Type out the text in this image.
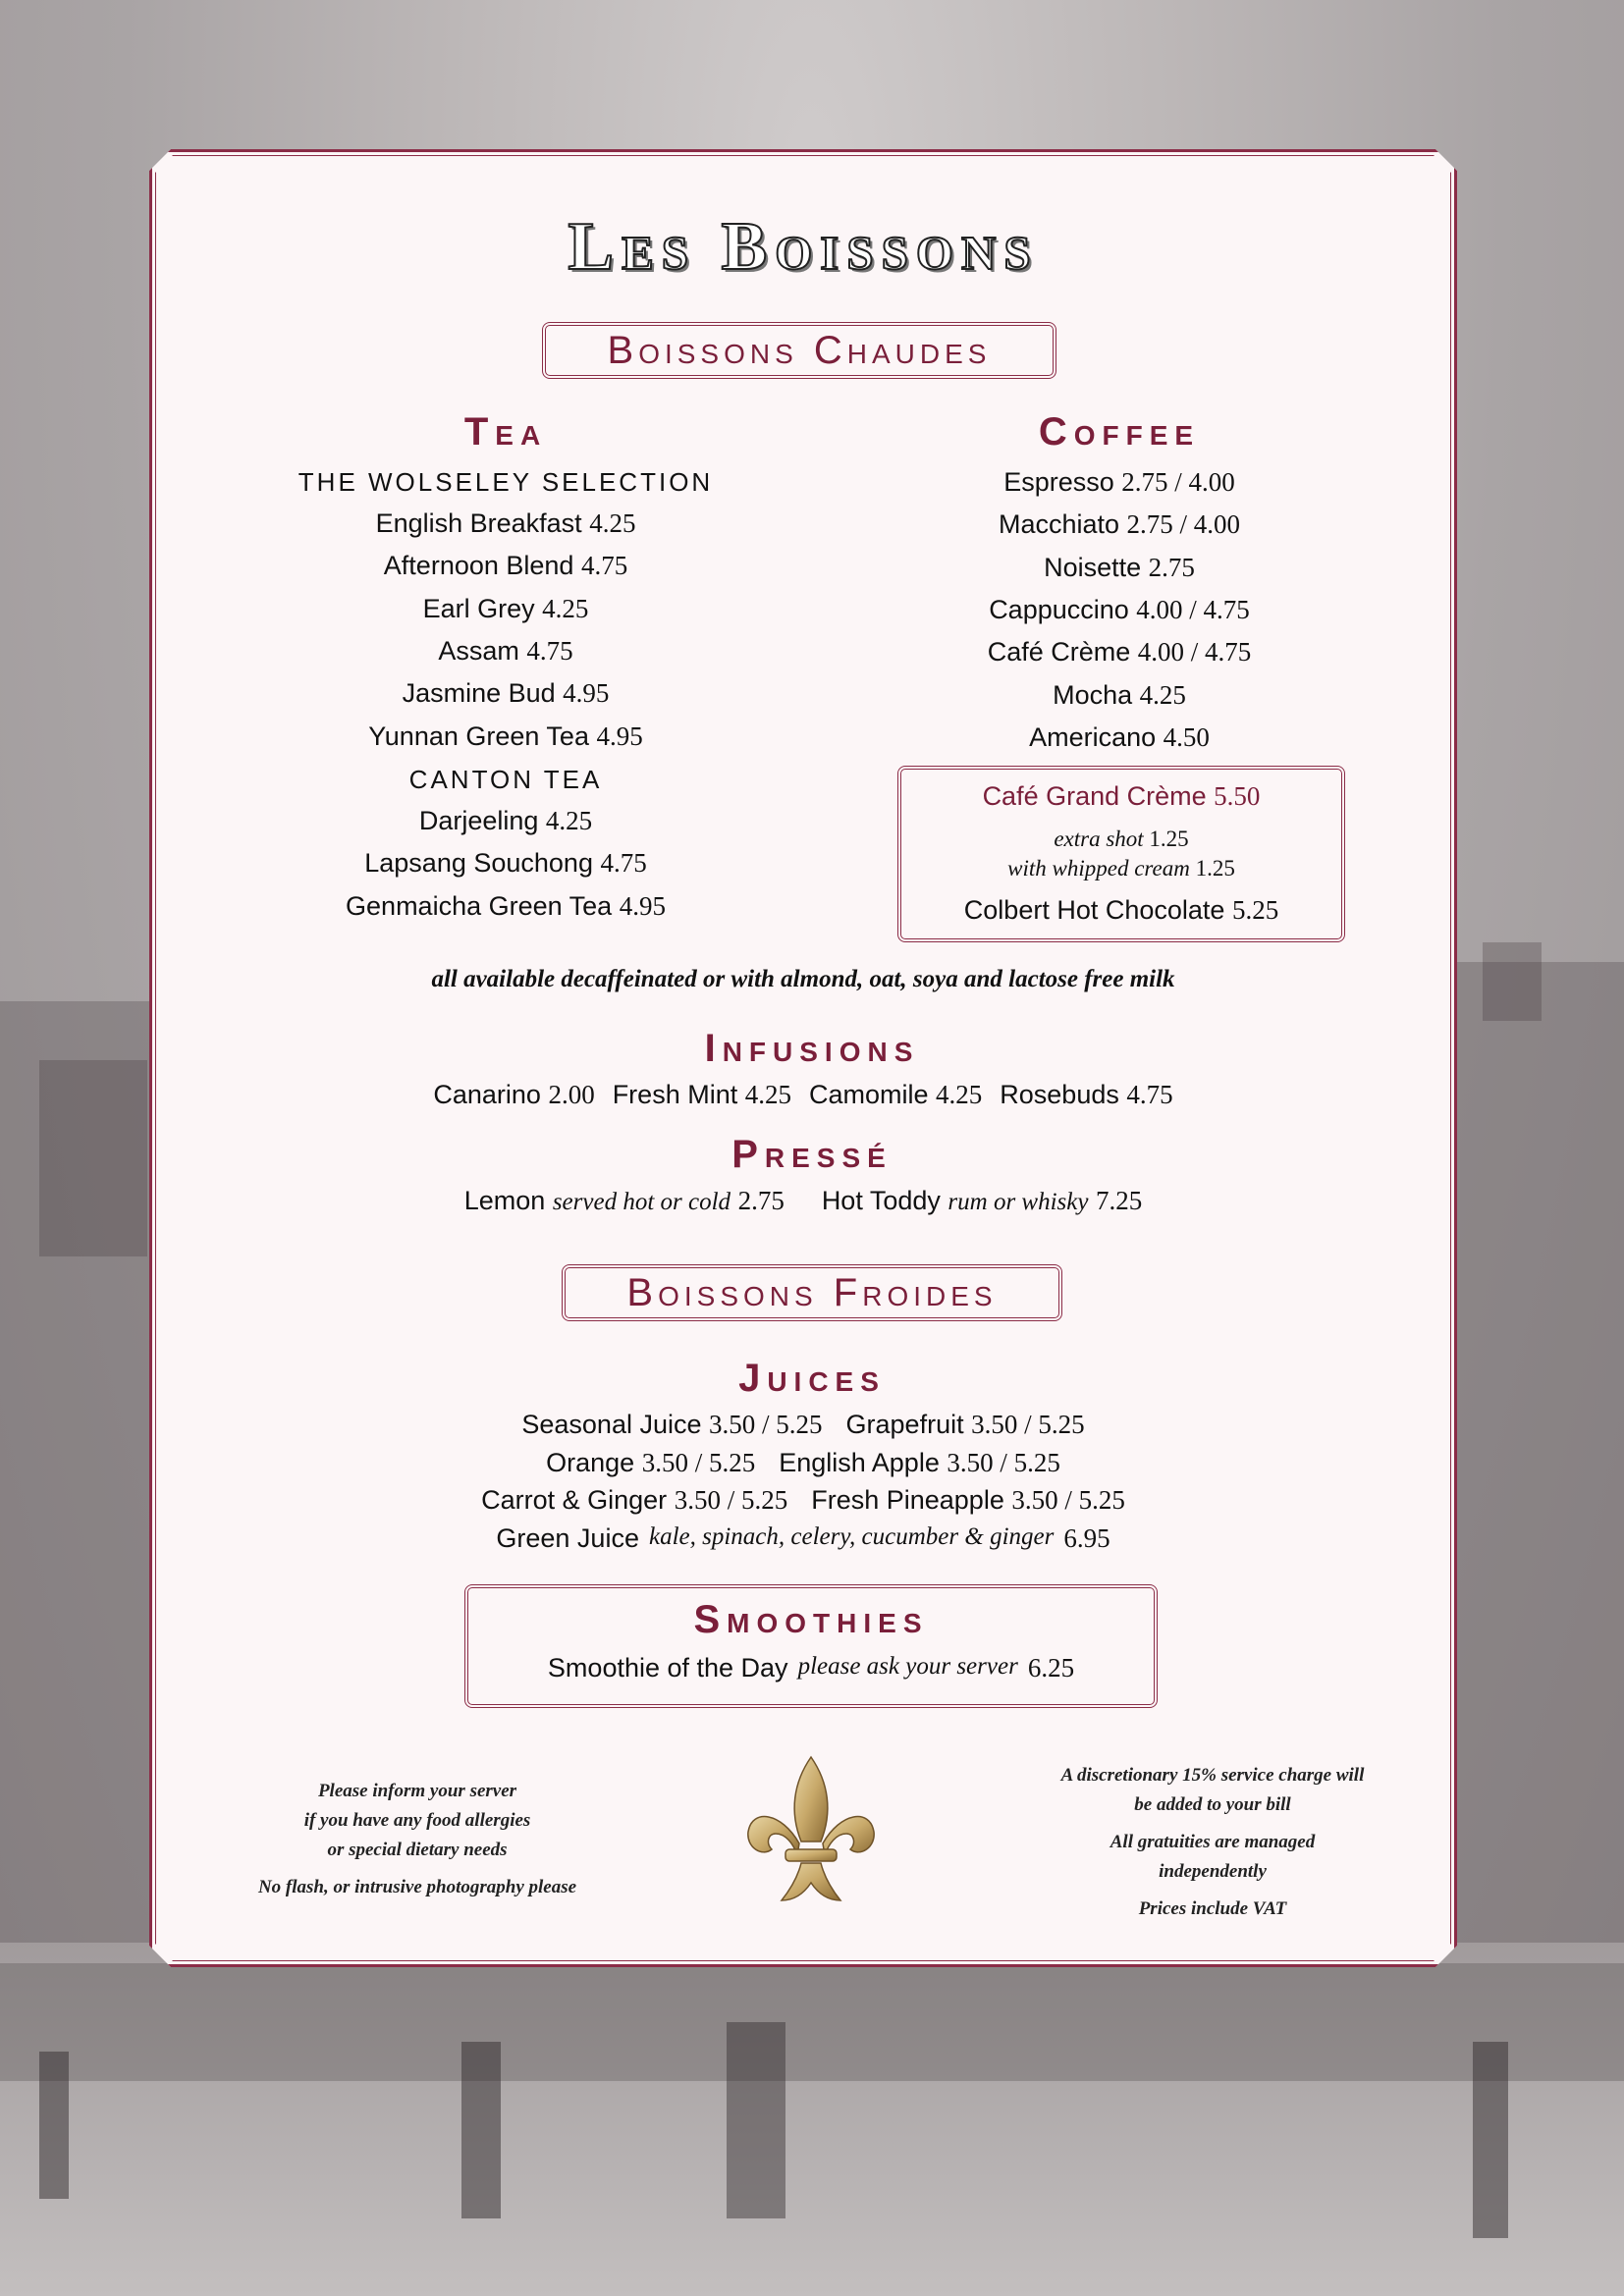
Les Boissons
Boissons Chaudes
Tea
THE WOLSELEY SELECTION
English Breakfast 4.25
Afternoon Blend 4.75
Earl Grey 4.25
Assam 4.75
Jasmine Bud 4.95
Yunnan Green Tea 4.95
CANTON TEA
Darjeeling 4.25
Lapsang Souchong 4.75
Genmaicha Green Tea 4.95
Coffee
Espresso 2.75 / 4.00
Macchiato 2.75 / 4.00
Noisette 2.75
Cappuccino 4.00 / 4.75
Café Crème 4.00 / 4.75
Mocha 4.25
Americano 4.50
Café Grand Crème 5.50
extra shot 1.25
with whipped cream 1.25
Colbert Hot Chocolate 5.25
all available decaffeinated or with almond, oat, soya and lactose free milk
Infusions
Canarino 2.00 Fresh Mint 4.25 Camomile 4.25 Rosebuds 4.75
Pressé
Lemon served hot or cold 2.75 Hot Toddy rum or whisky 7.25
Boissons Froides
Juices
Seasonal Juice 3.50 / 5.25 Grapefruit 3.50 / 5.25
Orange 3.50 / 5.25 English Apple 3.50 / 5.25
Carrot & Ginger 3.50 / 5.25 Fresh Pineapple 3.50 / 5.25
Green Juice kale, spinach, celery, cucumber & ginger 6.95
Smoothies
Smoothie of the Day please ask your server 6.25
Please inform your server
if you have any food allergies
or special dietary needs
No flash, or intrusive photography please
A discretionary 15% service charge will
be added to your bill
All gratuities are managed
independently
Prices include VAT
